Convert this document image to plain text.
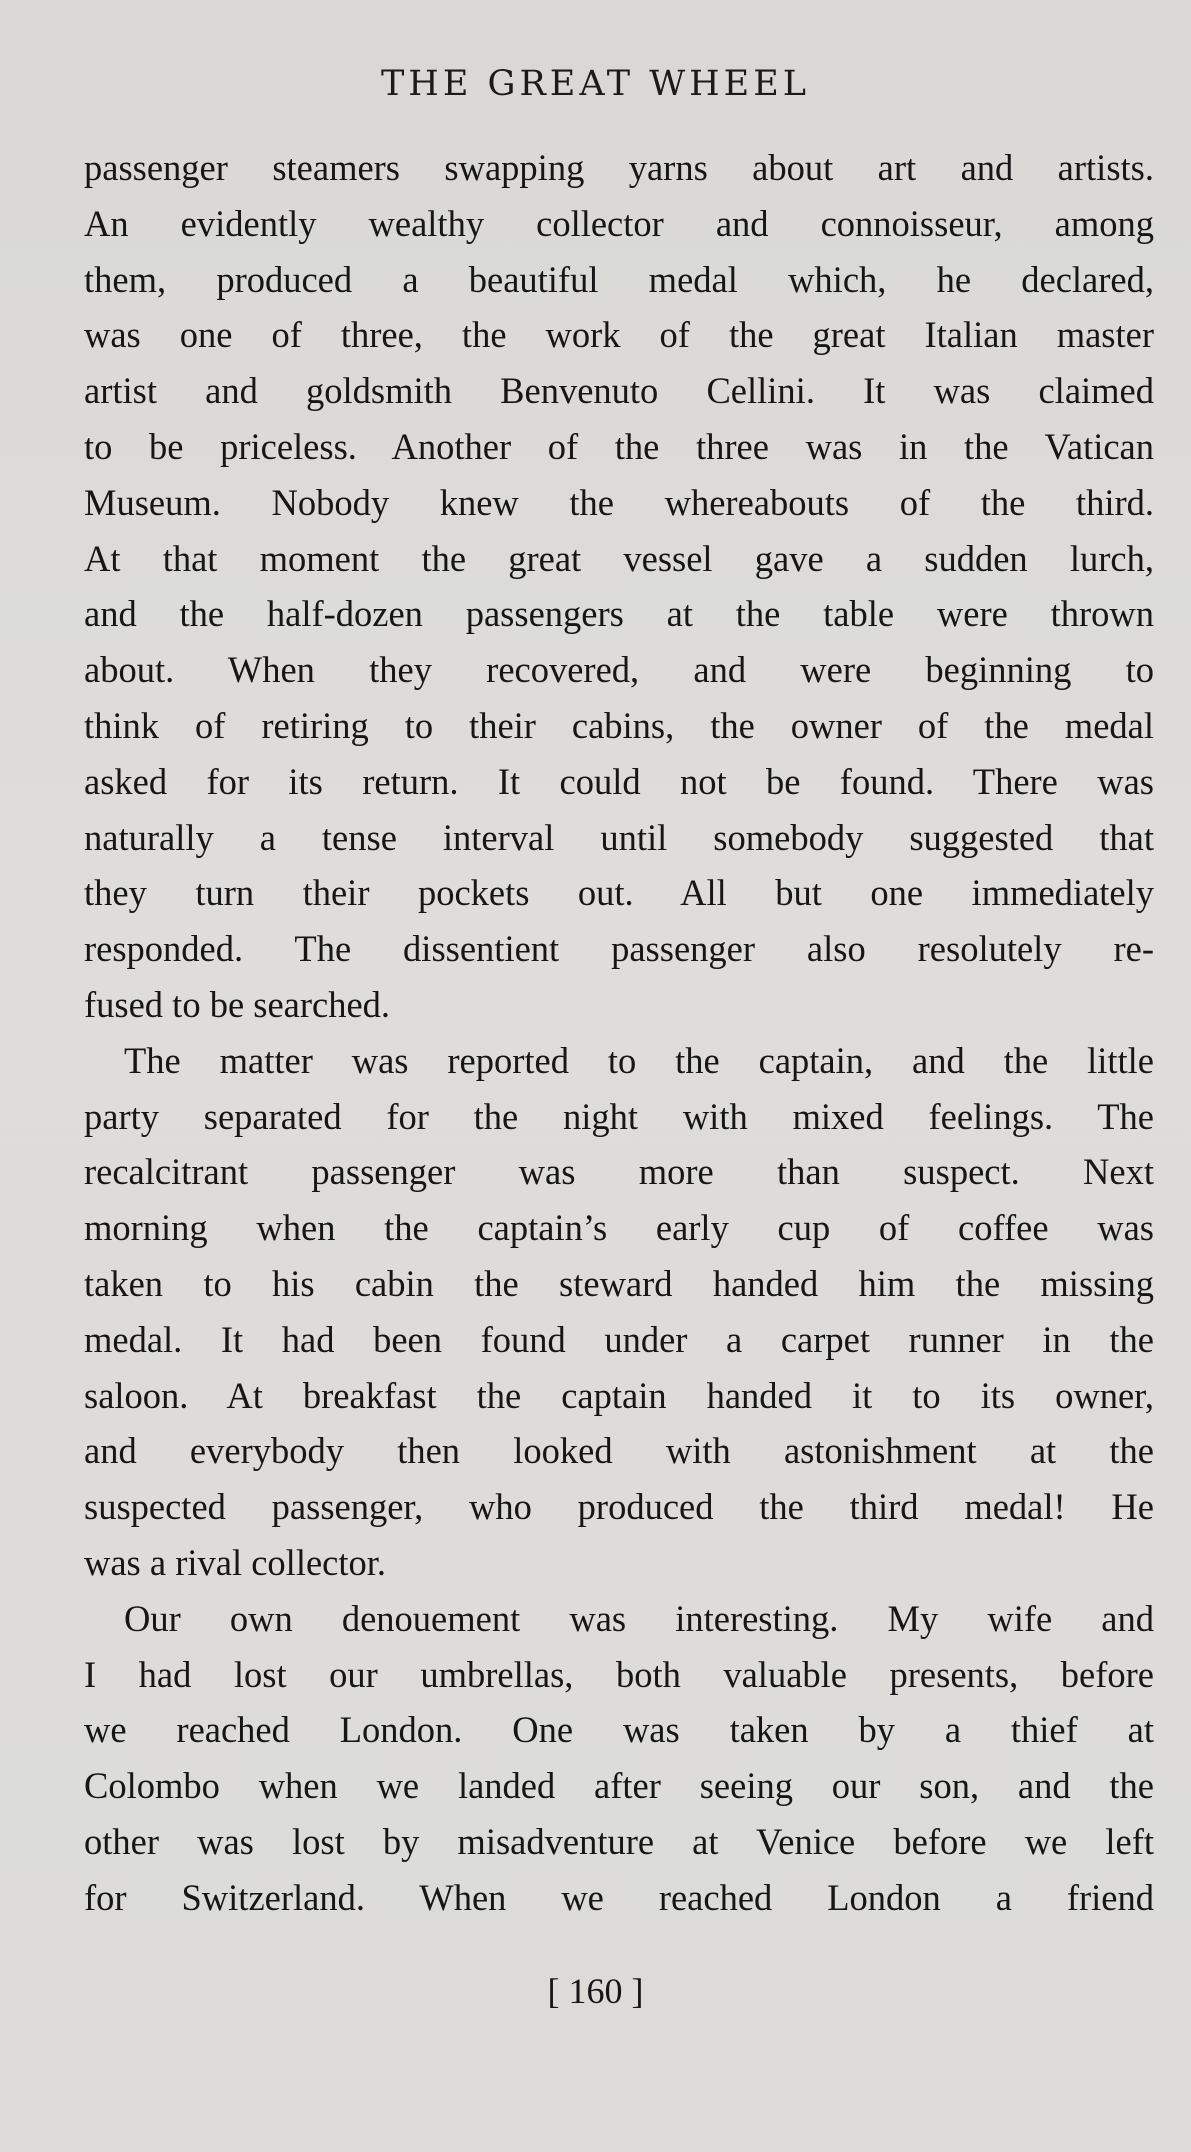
THE GREAT WHEEL

passenger steamers swapping yarns about art and artists.
An evidently wealthy collector and connoisseur, among
them, produced a beautiful medal which, he declared,
was one of three, the work of the great Italian master
artist and goldsmith Benvenuto Cellini. It was claimed
to be priceless. Another of the three was in the Vatican
Museum. Nobody knew the whereabouts of the third.
At that moment the great vessel gave a sudden lurch,
and the half-dozen passengers at the table were thrown
about. When they recovered, and were beginning to
think of retiring to their cabins, the owner of the medal
asked for its return. It could not be found. There was
naturally a tense interval until somebody suggested that
they turn their pockets out. All but one immediately
responded. The dissentient passenger also resolutely re-
fused to be searched.

The matter was reported to the captain, and the little
party separated for the night with mixed feelings. The
recalcitrant passenger was more than suspect. Next
morning when the captain’s early cup of coffee was
taken to his cabin the steward handed him the missing
medal. It had been found under a carpet runner in the
saloon. At breakfast the captain handed it to its owner,
and everybody then looked with astonishment at the
suspected passenger, who produced the third medal! He
was a rival collector.

Our own denouement was interesting. My wife and
I had lost our umbrellas, both valuable presents, before
we reached London. One was taken by a thief at
Colombo when we landed after seeing our son, and the
other was lost by misadventure at Venice before we left
for Switzerland. When we reached London a friend

[ 160 ]
